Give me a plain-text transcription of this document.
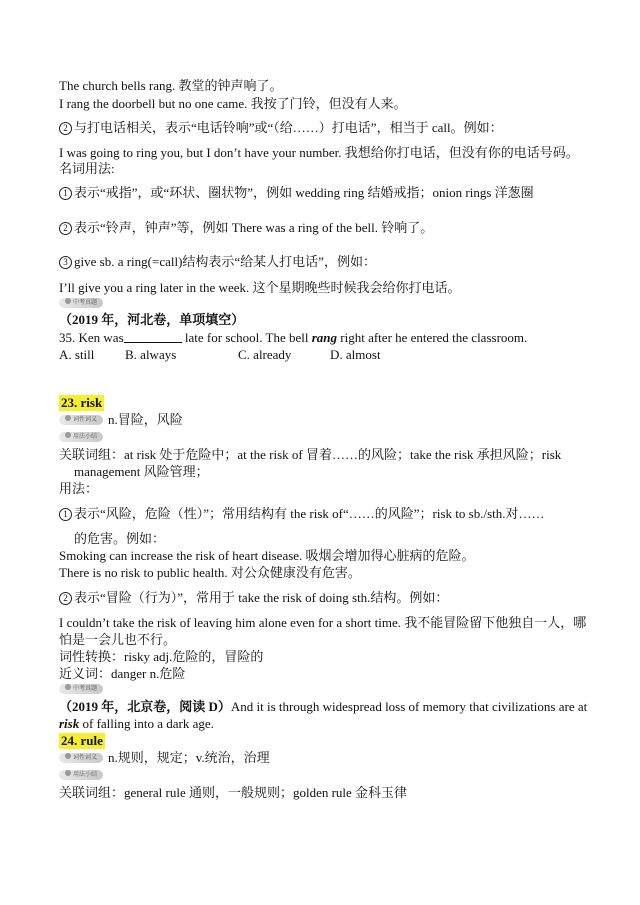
The church bells rang. 教堂的钟声响了。
I rang the doorbell but no one came. 我按了门铃，但没有人来。
2 与打电话相关，表示“电话铃响”或“（给……）打电话”，相当于 call。例如：
I was going to ring you, but I don’t have your number. 我想给你打电话，但没有你的电话号码。
名词用法:
1 表示“戒指”，或“环状、圈状物”，例如 wedding ring 结婚戒指；onion rings 洋葱圈
2 表示“铃声，钟声”等，例如 There was a ring of the bell. 铃响了。
3 give sb. a ring(=call)结构表示“给某人打电话”，例如：
I’ll give you a ring later in the week. 这个星期晚些时候我会给你打电话。
中考真题
（2019 年，河北卷，单项填空）
35. Ken was	late for school. The bell rang right after he entered the classroom.
A. still B. always	C. already	D. almost
23. risk
词性词义 n.冒险，风险
用法小结
关联词组：at risk 处于危险中；at the risk of 冒着……的风险；take the risk 承担风险；risk
management 风险管理；
用法：
1 表示“风险，危险（性）”；常用结构有 the risk of“……的风险”；risk to sb./sth.对……
的危害。例如：
Smoking can increase the risk of heart disease. 吸烟会增加得心脏病的危险。
There is no risk to public health. 对公众健康没有危害。
2 表示“冒险（行为）”，常用于 take the risk of doing sth.结构。例如：
I couldn’t take the risk of leaving him alone even for a short time. 我不能冒险留下他独自一人，哪
怕是一会儿也不行。
词性转换：risky adj.危险的，冒险的
近义词：danger n.危险
中考真题
（2019 年，北京卷，阅读 D）And it is through widespread loss of memory that civilizations are at
risk of falling into a dark age.
24. rule
词性词义 n.规则，规定；v.统治，治理
用法小结
关联词组：general rule 通则，一般规则；golden rule 金科玉律
